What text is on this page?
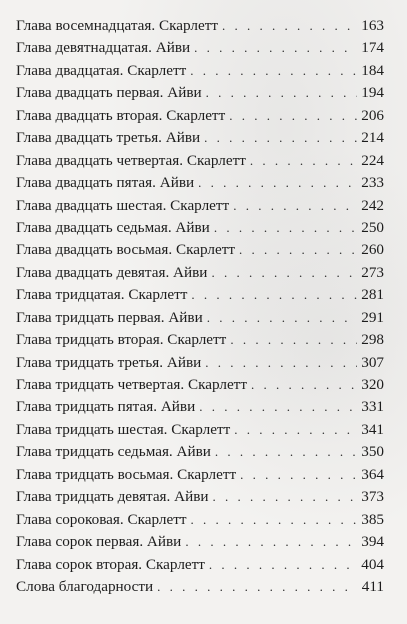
Глава восемнадцатая. Скарлетт . . .	163
Глава девятнадцатая. Айви . . .	174
Глава двадцатая. Скарлетт . . .	184
Глава двадцать первая. Айви . . .	194
Глава двадцать вторая. Скарлетт . . .	206
Глава двадцать третья. Айви . . .	214
Глава двадцать четвертая. Скарлетт . . .	224
Глава двадцать пятая. Айви . . .	233
Глава двадцать шестая. Скарлетт . . .	242
Глава двадцать седьмая. Айви . . .	250
Глава двадцать восьмая. Скарлетт . . .	260
Глава двадцать девятая. Айви . . .	273
Глава тридцатая. Скарлетт . . .	281
Глава тридцать первая. Айви . . .	291
Глава тридцать вторая. Скарлетт . . .	298
Глава тридцать третья. Айви . . .	307
Глава тридцать четвертая. Скарлетт . . .	320
Глава тридцать пятая. Айви . . .	331
Глава тридцать шестая. Скарлетт . . .	341
Глава тридцать седьмая. Айви . . .	350
Глава тридцать восьмая. Скарлетт . . .	364
Глава тридцать девятая. Айви . . .	373
Глава сороковая. Скарлетт . . .	385
Глава сорок первая. Айви . . .	394
Глава сорок вторая. Скарлетт . . .	404
Слова благодарности . . .	411
